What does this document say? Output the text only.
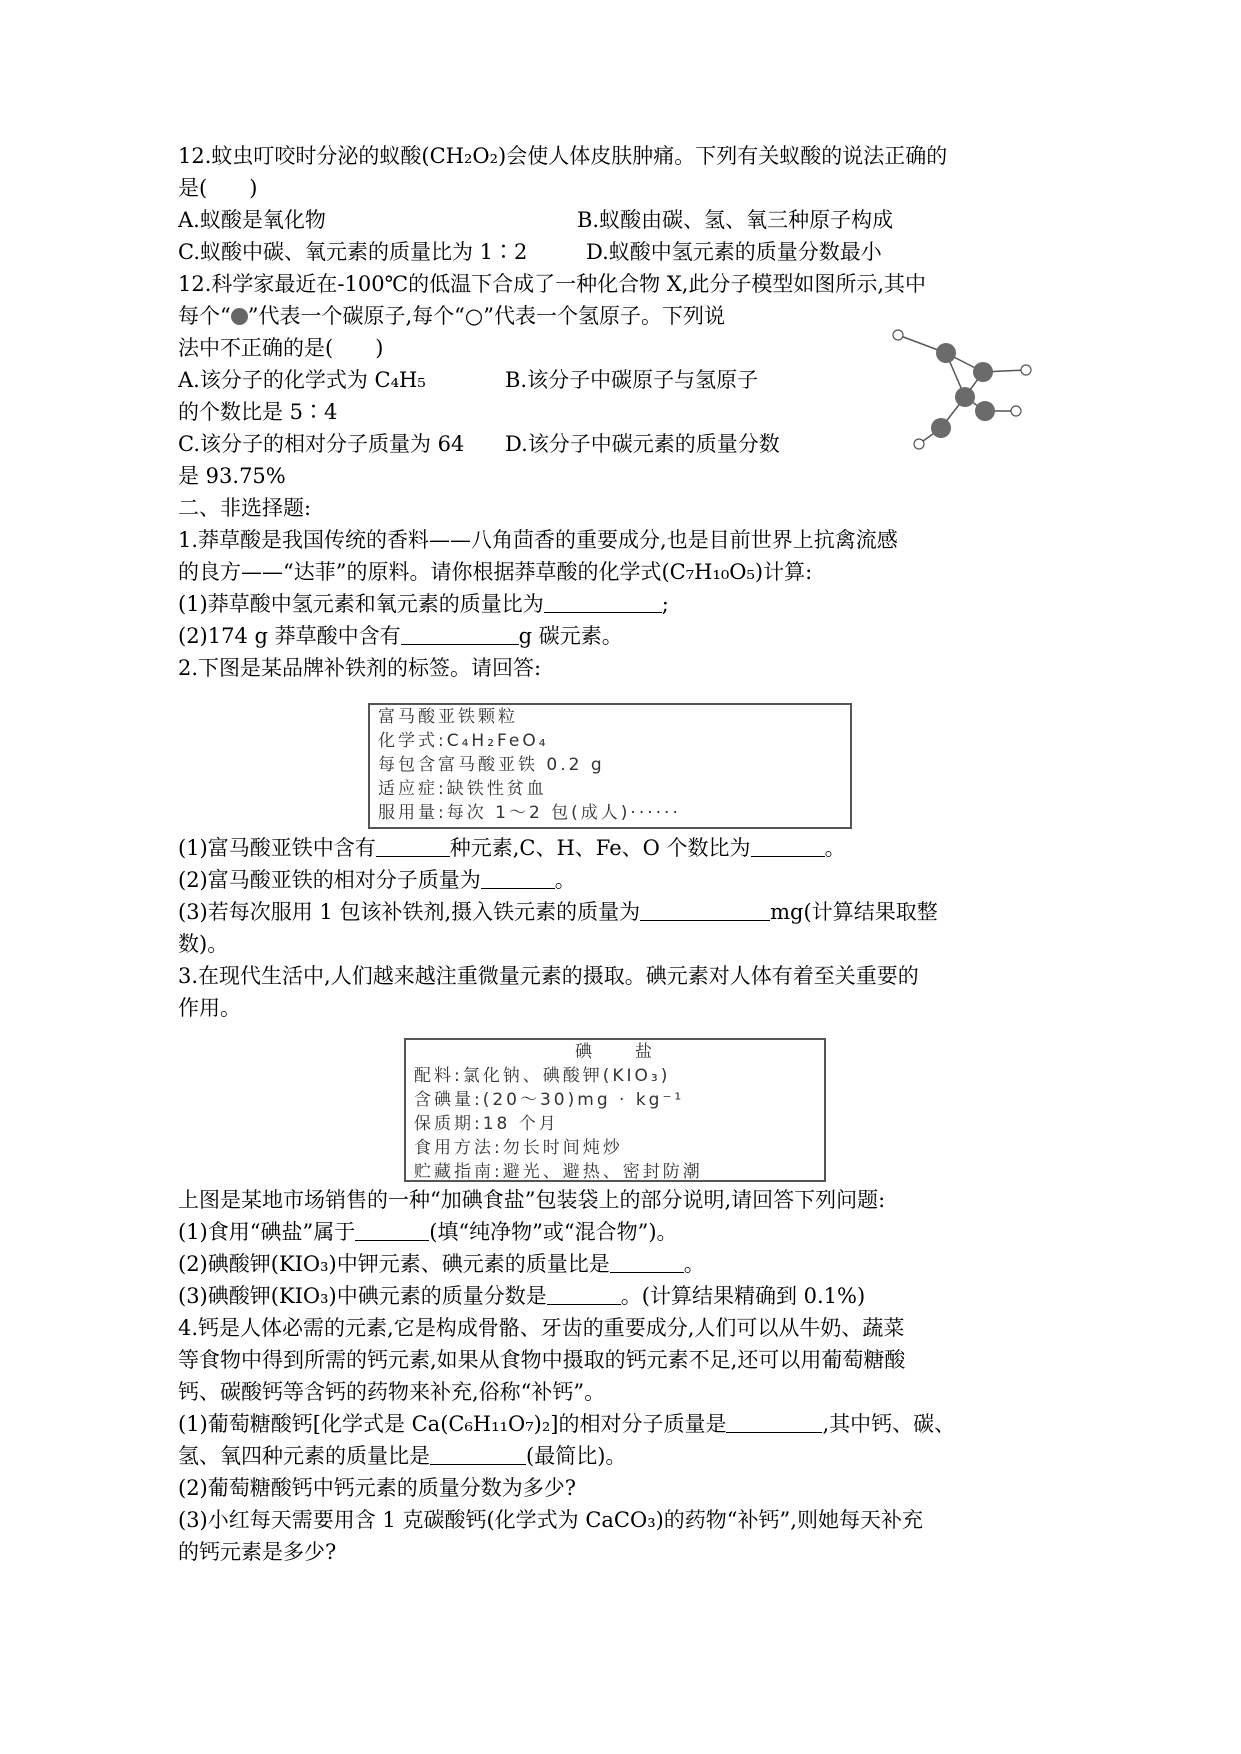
12.蚊虫叮咬时分泌的蚁酸(CH₂O₂)会使人体皮肤肿痛。下列有关蚁酸的说法正确的
是(　　)
A.蚁酸是氧化物	B.蚁酸由碳、氢、氧三种原子构成
C.蚁酸中碳、氧元素的质量比为 1∶2	D.蚁酸中氢元素的质量分数最小
12.科学家最近在-100℃的低温下合成了一种化合物 X,此分子模型如图所示,其中
每个“ ”代表一个碳原子,每个“○”代表一个氢原子。下列说
法中不正确的是(　　)
A.该分子的化学式为 C₄H₅	B.该分子中碳原子与氢原子
的个数比是 5∶4
C.该分子的相对分子质量为 64 D.该分子中碳元素的质量分数
是 93.75%
二、非选择题:
1.莽草酸是我国传统的香料——八角茴香的重要成分,也是目前世界上抗禽流感
的良方——“达菲”的原料。请你根据莽草酸的化学式(C₇H₁₀O₅)计算:
(1)莽草酸中氢元素和氧元素的质量比为	;
(2)174 g 莽草酸中含有	g 碳元素。
2.下图是某品牌补铁剂的标签。请回答:
富马酸亚铁颗粒
化学式:C₄H₂FeO₄
每包含富马酸亚铁 0.2 g
适应症:缺铁性贫血
服用量:每次 1～2 包(成人)······
(1)富马酸亚铁中含有	种元素,C、H、Fe、O 个数比为	。
(2)富马酸亚铁的相对分子质量为	。
(3)若每次服用 1 包该补铁剂,摄入铁元素的质量为	mg(计算结果取整
数)。
3.在现代生活中,人们越来越注重微量元素的摄取。碘元素对人体有着至关重要的
作用。
碘　　盐
配料:氯化钠、碘酸钾(KIO₃)
含碘量:(20～30)mg · kg⁻¹
保质期:18 个月
食用方法:勿长时间炖炒
贮藏指南:避光、避热、密封防潮
上图是某地市场销售的一种“加碘食盐”包装袋上的部分说明,请回答下列问题:
(1)食用“碘盐”属于	(填“纯净物”或“混合物”)。
(2)碘酸钾(KIO₃)中钾元素、碘元素的质量比是	。
(3)碘酸钾(KIO₃)中碘元素的质量分数是	。(计算结果精确到 0.1%)
4.钙是人体必需的元素,它是构成骨骼、牙齿的重要成分,人们可以从牛奶、蔬菜
等食物中得到所需的钙元素,如果从食物中摄取的钙元素不足,还可以用葡萄糖酸
钙、碳酸钙等含钙的药物来补充,俗称“补钙”。
(1)葡萄糖酸钙[化学式是 Ca(C₆H₁₁O₇)₂]的相对分子质量是	,其中钙、碳、
氢、氧四种元素的质量比是	(最简比)。
(2)葡萄糖酸钙中钙元素的质量分数为多少?
(3)小红每天需要用含 1 克碳酸钙(化学式为 CaCO₃)的药物“补钙”,则她每天补充
的钙元素是多少?
